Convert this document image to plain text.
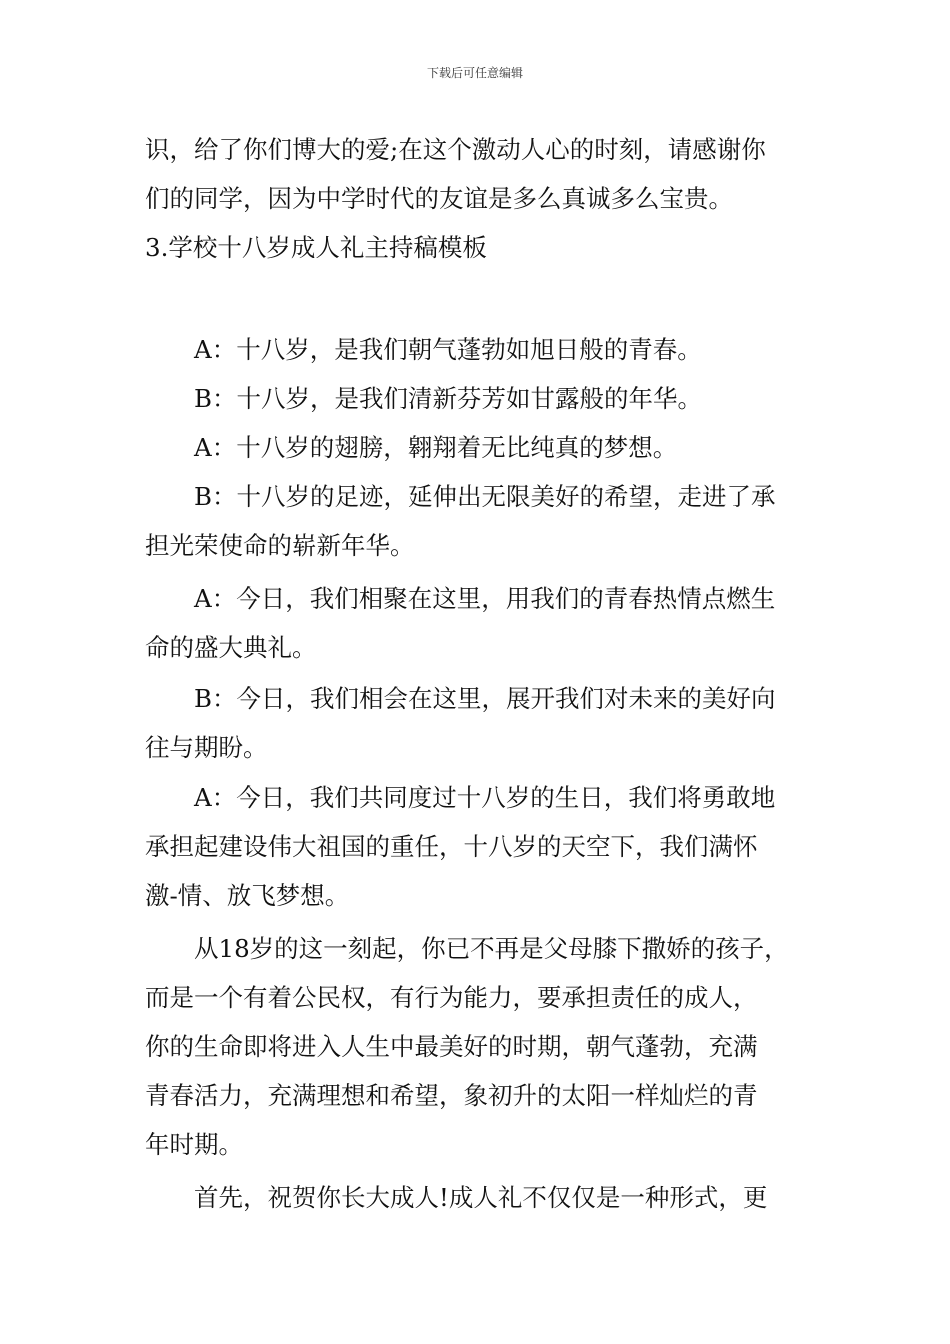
下载后可任意编辑
识，给了你们博大的爱;在这个激动人心的时刻，请感谢你
们的同学，因为中学时代的友谊是多么真诚多么宝贵。
3.学校十八岁成人礼主持稿模板
A：十八岁，是我们朝气蓬勃如旭日般的青春。
B：十八岁，是我们清新芬芳如甘露般的年华。
A：十八岁的翅膀，翱翔着无比纯真的梦想。
B：十八岁的足迹，延伸出无限美好的希望，走进了承
担光荣使命的崭新年华。
A：今日，我们相聚在这里，用我们的青春热情点燃生
命的盛大典礼。
B：今日，我们相会在这里，展开我们对未来的美好向
往与期盼。
A：今日，我们共同度过十八岁的生日，我们将勇敢地
承担起建设伟大祖国的重任，十八岁的天空下，我们满怀
激-情、放飞梦想。
从18岁的这一刻起，你已不再是父母膝下撒娇的孩子，
而是一个有着公民权，有行为能力，要承担责任的成人，
你的生命即将进入人生中最美好的时期，朝气蓬勃，充满
青春活力，充满理想和希望，象初升的太阳一样灿烂的青
年时期。
首先，祝贺你长大成人!成人礼不仅仅是一种形式，更
